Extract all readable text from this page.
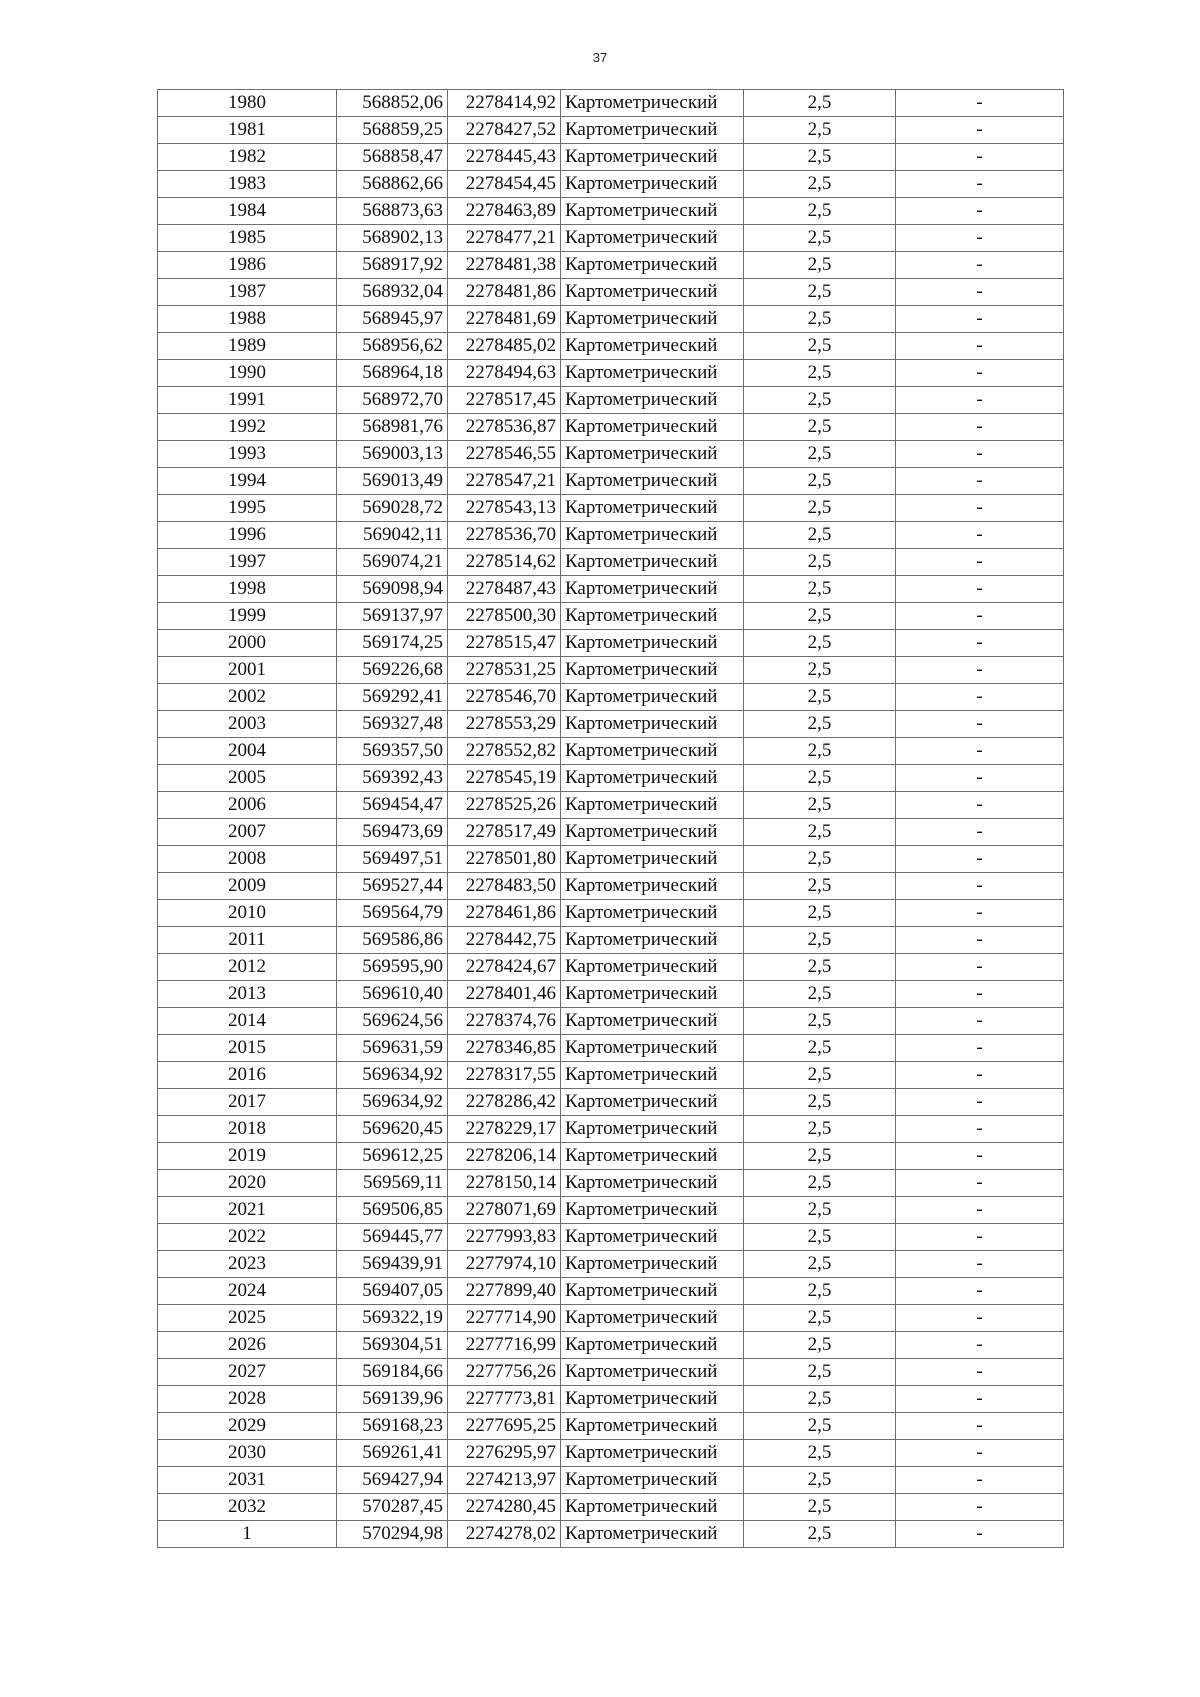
37
1980	568852,06	2278414,92	Картометрический	2,5	-
1981	568859,25	2278427,52	Картометрический	2,5	-
1982	568858,47	2278445,43	Картометрический	2,5	-
1983	568862,66	2278454,45	Картометрический	2,5	-
1984	568873,63	2278463,89	Картометрический	2,5	-
1985	568902,13	2278477,21	Картометрический	2,5	-
1986	568917,92	2278481,38	Картометрический	2,5	-
1987	568932,04	2278481,86	Картометрический	2,5	-
1988	568945,97	2278481,69	Картометрический	2,5	-
1989	568956,62	2278485,02	Картометрический	2,5	-
1990	568964,18	2278494,63	Картометрический	2,5	-
1991	568972,70	2278517,45	Картометрический	2,5	-
1992	568981,76	2278536,87	Картометрический	2,5	-
1993	569003,13	2278546,55	Картометрический	2,5	-
1994	569013,49	2278547,21	Картометрический	2,5	-
1995	569028,72	2278543,13	Картометрический	2,5	-
1996	569042,11	2278536,70	Картометрический	2,5	-
1997	569074,21	2278514,62	Картометрический	2,5	-
1998	569098,94	2278487,43	Картометрический	2,5	-
1999	569137,97	2278500,30	Картометрический	2,5	-
2000	569174,25	2278515,47	Картометрический	2,5	-
2001	569226,68	2278531,25	Картометрический	2,5	-
2002	569292,41	2278546,70	Картометрический	2,5	-
2003	569327,48	2278553,29	Картометрический	2,5	-
2004	569357,50	2278552,82	Картометрический	2,5	-
2005	569392,43	2278545,19	Картометрический	2,5	-
2006	569454,47	2278525,26	Картометрический	2,5	-
2007	569473,69	2278517,49	Картометрический	2,5	-
2008	569497,51	2278501,80	Картометрический	2,5	-
2009	569527,44	2278483,50	Картометрический	2,5	-
2010	569564,79	2278461,86	Картометрический	2,5	-
2011	569586,86	2278442,75	Картометрический	2,5	-
2012	569595,90	2278424,67	Картометрический	2,5	-
2013	569610,40	2278401,46	Картометрический	2,5	-
2014	569624,56	2278374,76	Картометрический	2,5	-
2015	569631,59	2278346,85	Картометрический	2,5	-
2016	569634,92	2278317,55	Картометрический	2,5	-
2017	569634,92	2278286,42	Картометрический	2,5	-
2018	569620,45	2278229,17	Картометрический	2,5	-
2019	569612,25	2278206,14	Картометрический	2,5	-
2020	569569,11	2278150,14	Картометрический	2,5	-
2021	569506,85	2278071,69	Картометрический	2,5	-
2022	569445,77	2277993,83	Картометрический	2,5	-
2023	569439,91	2277974,10	Картометрический	2,5	-
2024	569407,05	2277899,40	Картометрический	2,5	-
2025	569322,19	2277714,90	Картометрический	2,5	-
2026	569304,51	2277716,99	Картометрический	2,5	-
2027	569184,66	2277756,26	Картометрический	2,5	-
2028	569139,96	2277773,81	Картометрический	2,5	-
2029	569168,23	2277695,25	Картометрический	2,5	-
2030	569261,41	2276295,97	Картометрический	2,5	-
2031	569427,94	2274213,97	Картометрический	2,5	-
2032	570287,45	2274280,45	Картометрический	2,5	-
1	570294,98	2274278,02	Картометрический	2,5	-
